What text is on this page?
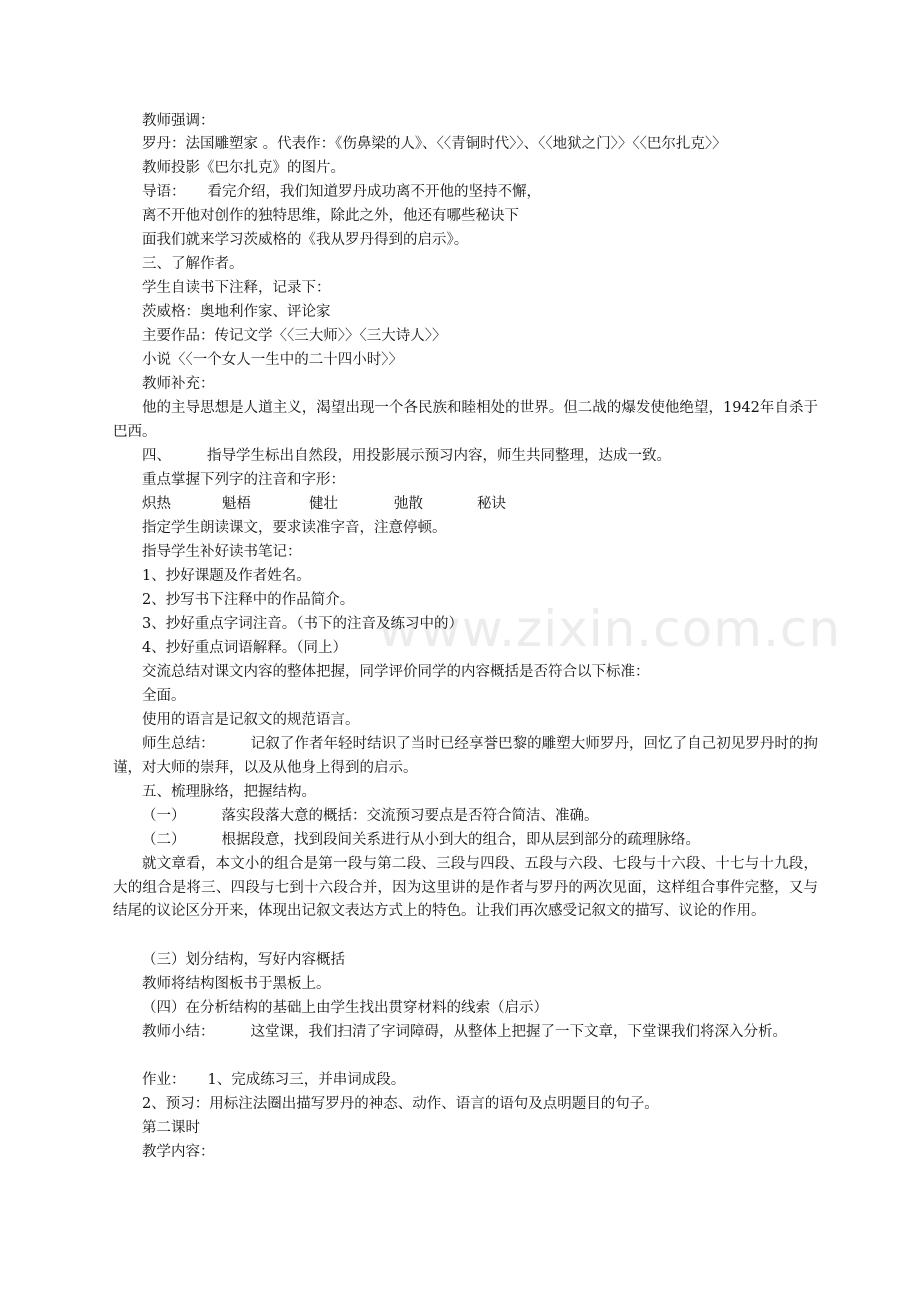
www.zixin.com.cn
教师强调：
罗丹：法国雕塑家 。代表作：《伤鼻梁的人》、〈〈青铜时代〉〉、〈〈地狱之门〉〉〈〈巴尔扎克〉〉
教师投影《巴尔扎克》的图片。
导语： 看完介绍，我们知道罗丹成功离不开他的坚持不懈，
离不开他对创作的独特思维，除此之外，他还有哪些秘诀下
面我们就来学习茨威格的《我从罗丹得到的启示》。
三、了解作者。
学生自读书下注释，记录下：
茨威格：奥地利作家、评论家
主要作品：传记文学〈〈三大师〉〉〈三大诗人〉〉
小说〈〈一个女人一生中的二十四小时〉〉
教师补充：
他的主导思想是人道主义，渴望出现一个各民族和睦相处的世界。但二战的爆发使他绝望，1942年自杀于巴西。
四、 指导学生标出自然段，用投影展示预习内容，师生共同整理，达成一致。
重点掌握下列字的注音和字形：
炽热	魁梧	健壮	弛散	秘诀
指定学生朗读课文，要求读准字音，注意停顿。
指导学生补好读书笔记：
1、抄好课题及作者姓名。
2、抄写书下注释中的作品简介。
3、抄好重点字词注音。（书下的注音及练习中的）
4、抄好重点词语解释。（同上）
交流总结对课文内容的整体把握，同学评价同学的内容概括是否符合以下标准：
全面。
使用的语言是记叙文的规范语言。
师生总结： 记叙了作者年轻时结识了当时已经享誉巴黎的雕塑大师罗丹，回忆了自己初见罗丹时的拘谨，对大师的崇拜，以及从他身上得到的启示。
五、梳理脉络，把握结构。
（一） 落实段落大意的概括：交流预习要点是否符合简洁、准确。
（二） 根据段意，找到段间关系进行从小到大的组合，即从层到部分的疏理脉络。
就文章看，本文小的组合是第一段与第二段、三段与四段、五段与六段、七段与十六段、十七与十九段，大的组合是将三、四段与七到十六段合并，因为这里讲的是作者与罗丹的两次见面，这样组合事件完整，又与结尾的议论区分开来，体现出记叙文表达方式上的特色。让我们再次感受记叙文的描写、议论的作用。
（三）划分结构，写好内容概括
教师将结构图板书于黑板上。
（四）在分析结构的基础上由学生找出贯穿材料的线索（启示）
教师小结： 这堂课，我们扫清了字词障碍，从整体上把握了一下文章，下堂课我们将深入分析。
作业： 1、完成练习三，并串词成段。
2、预习：用标注法圈出描写罗丹的神态、动作、语言的语句及点明题目的句子。
第二课时
教学内容：
